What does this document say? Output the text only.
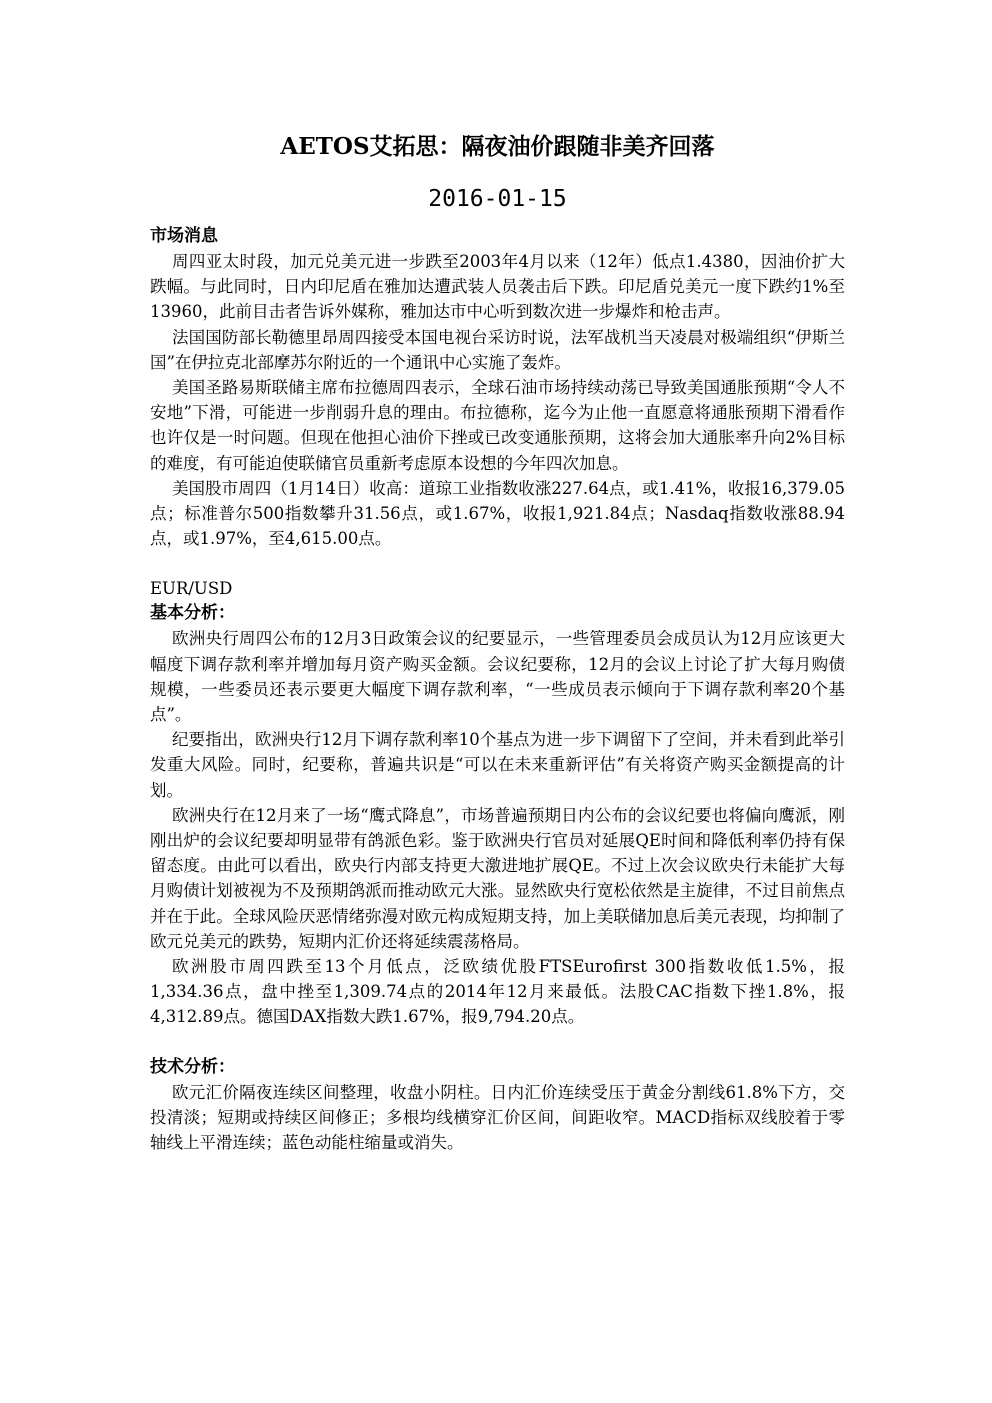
AETOS艾拓思：隔夜油价跟随非美齐回落
2016-01-15
市场消息

周四亚太时段，加元兑美元进一步跌至2003年4月以来（12年）低点1.4380，因油价扩大跌幅。与此同时，日内印尼盾在雅加达遭武装人员袭击后下跌。印尼盾兑美元一度下跌约1%至13960，此前目击者告诉外媒称，雅加达市中心听到数次进一步爆炸和枪击声。

法国国防部长勒德里昂周四接受本国电视台采访时说，法军战机当天凌晨对极端组织“伊斯兰国”在伊拉克北部摩苏尔附近的一个通讯中心实施了轰炸。

美国圣路易斯联储主席布拉德周四表示，全球石油市场持续动荡已导致美国通胀预期“令人不安地”下滑，可能进一步削弱升息的理由。布拉德称，迄今为止他一直愿意将通胀预期下滑看作也许仅是一时问题。但现在他担心油价下挫或已改变通胀预期，这将会加大通胀率升向2%目标的难度，有可能迫使联储官员重新考虑原本设想的今年四次加息。

美国股市周四（1月14日）收高：道琼工业指数收涨227.64点，或1.41%，收报16,379.05点；标准普尔500指数攀升31.56点，或1.67%，收报1,921.84点；Nasdaq指数收涨88.94点，或1.97%，至4,615.00点。

EUR/USD
基本分析：

欧洲央行周四公布的12月3日政策会议的纪要显示，一些管理委员会成员认为12月应该更大幅度下调存款利率并增加每月资产购买金额。会议纪要称，12月的会议上讨论了扩大每月购债规模，一些委员还表示要更大幅度下调存款利率，“一些成员表示倾向于下调存款利率20个基点”。

纪要指出，欧洲央行12月下调存款利率10个基点为进一步下调留下了空间，并未看到此举引发重大风险。同时，纪要称，普遍共识是“可以在未来重新评估”有关将资产购买金额提高的计划。

欧洲央行在12月来了一场“鹰式降息”，市场普遍预期日内公布的会议纪要也将偏向鹰派，刚刚出炉的会议纪要却明显带有鸽派色彩。鉴于欧洲央行官员对延展QE时间和降低利率仍持有保留态度。由此可以看出，欧央行内部支持更大激进地扩展QE。不过上次会议欧央行未能扩大每月购债计划被视为不及预期鸽派而推动欧元大涨。显然欧央行宽松依然是主旋律，不过目前焦点并在于此。全球风险厌恶情绪弥漫对欧元构成短期支持，加上美联储加息后美元表现，均抑制了欧元兑美元的跌势，短期内汇价还将延续震荡格局。

欧洲股市周四跌至13个月低点，泛欧绩优股FTSEurofirst 300指数收低1.5%，报1,334.36点，盘中挫至1,309.74点的2014年12月来最低。法股CAC指数下挫1.8%，报4,312.89点。德国DAX指数大跌1.67%，报9,794.20点。

技术分析：

欧元汇价隔夜连续区间整理，收盘小阴柱。日内汇价连续受压于黄金分割线61.8%下方，交投清淡；短期或持续区间修正；多根均线横穿汇价区间，间距收窄。MACD指标双线胶着于零轴线上平滑连续；蓝色动能柱缩量或消失。
